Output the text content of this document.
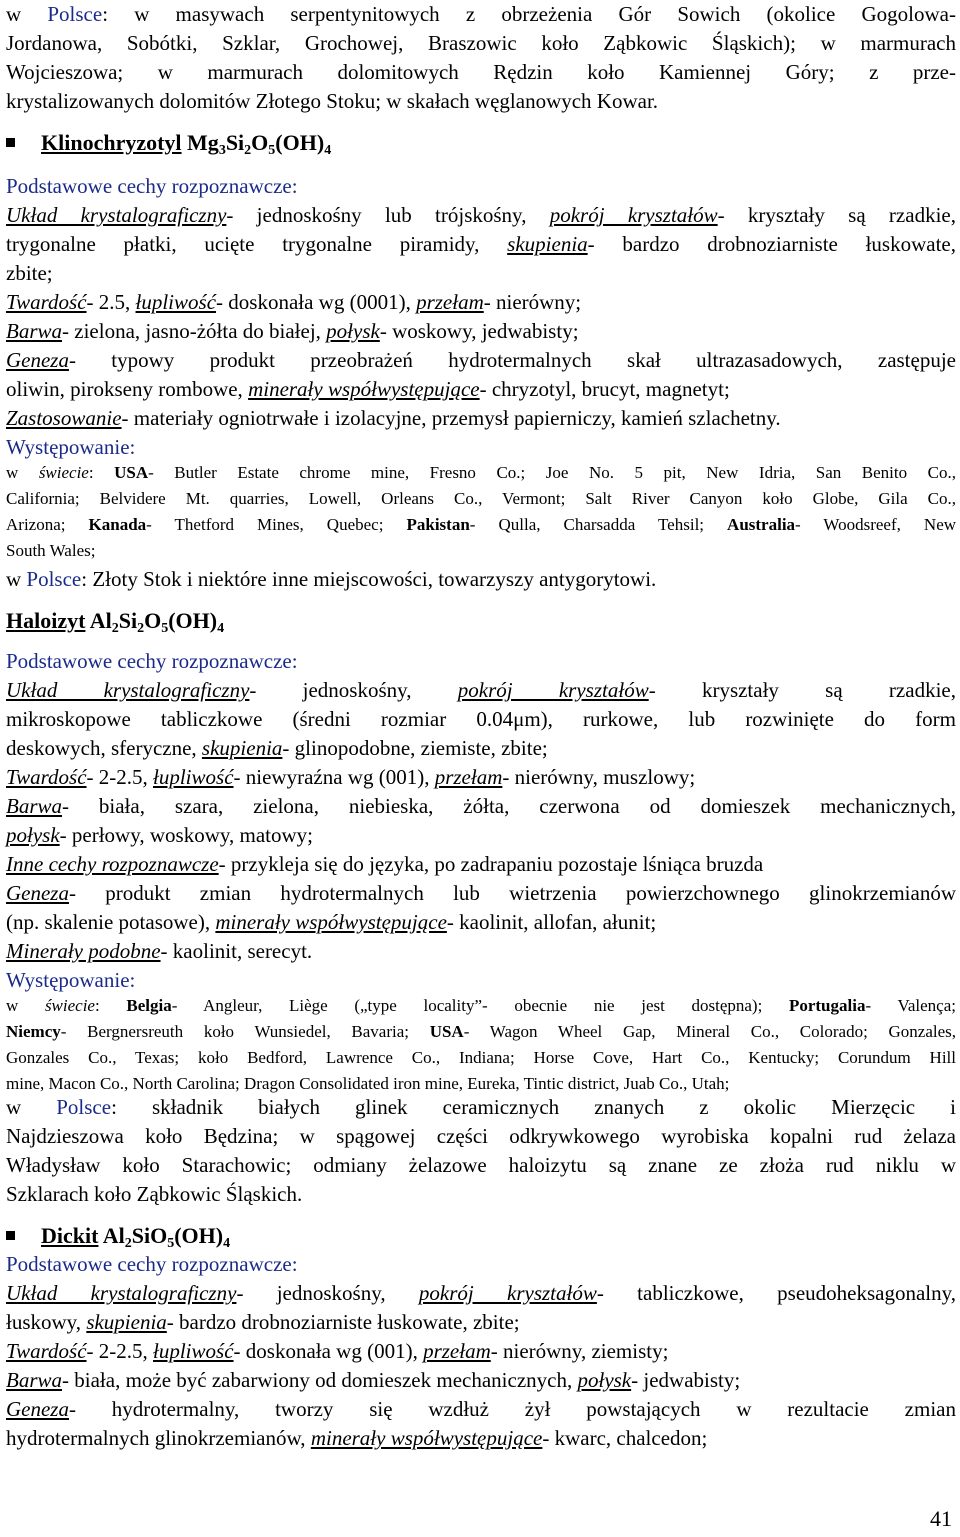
w Polsce: w masywach serpentynitowych z obrzeżenia Gór Sowich (okolice Gogolowa-
Jordanowa, Sobótki, Szklar, Grochowej, Braszowic koło Ząbkowic Śląskich); w marmurach
Wojcieszowa; w marmurach dolomitowych Rędzin koło Kamiennej Góry; z prze-
krystalizowanych dolomitów Złotego Stoku; w skałach węglanowych Kowar.
Klinochryzotyl $Mg_3Si_2O_5(OH)_4$
Podstawowe cechy rozpoznawcze:
Układ krystalograficzny- jednoskośny lub trójskośny, pokrój kryształów- kryształy są rzadkie,
trygonalne płatki, ucięte trygonalne piramidy, skupienia- bardzo drobnoziarniste łuskowate,
zbite;
Twardość- 2.5, łupliwość- doskonała wg (0001), przełam- nierówny;
Barwa- zielona, jasno-żółta do białej, połysk- woskowy, jedwabisty;
Geneza- typowy produkt przeobrażeń hydrotermalnych skał ultrazasadowych, zastępuje
oliwin, pirokseny rombowe, minerały współwystępujące- chryzotyl, brucyt, magnetyt;
Zastosowanie- materiały ogniotrwałe i izolacyjne, przemysł papierniczy, kamień szlachetny.
Występowanie:
w świecie: USA- Butler Estate chrome mine, Fresno Co.; Joe No. 5 pit, New Idria, San Benito Co.,
California; Belvidere Mt. quarries, Lowell, Orleans Co., Vermont; Salt River Canyon koło Globe, Gila Co.,
Arizona; Kanada- Thetford Mines, Quebec; Pakistan- Qulla, Charsadda Tehsil; Australia- Woodsreef, New
South Wales;
w Polsce: Złoty Stok i niektóre inne miejscowości, towarzyszy antygorytowi.
Haloizyt $Al_2Si_2O_5(OH)_4$
Podstawowe cechy rozpoznawcze:
Układ krystalograficzny- jednoskośny, pokrój kryształów- kryształy są rzadkie,
mikroskopowe tabliczkowe (średni rozmiar 0.04μm), rurkowe, lub rozwinięte do form
deskowych, sferyczne, skupienia- glinopodobne, ziemiste, zbite;
Twardość- 2-2.5, łupliwość- niewyraźna wg (001), przełam- nierówny, muszlowy;
Barwa- biała, szara, zielona, niebieska, żółta, czerwona od domieszek mechanicznych,
połysk- perłowy, woskowy, matowy;
Inne cechy rozpoznawcze- przykleja się do języka, po zadrapaniu pozostaje lśniąca bruzda
Geneza- produkt zmian hydrotermalnych lub wietrzenia powierzchownego glinokrzemianów
(np. skalenie potasowe), minerały współwystępujące- kaolinit, allofan, ałunit;
Minerały podobne- kaolinit, serecyt.
Występowanie:
w świecie: Belgia- Angleur, Liège („type locality”- obecnie nie jest dostępna); Portugalia- Valença;
Niemcy- Bergnersreuth koło Wunsiedel, Bavaria; USA- Wagon Wheel Gap, Mineral Co., Colorado; Gonzales,
Gonzales Co., Texas; koło Bedford, Lawrence Co., Indiana; Horse Cove, Hart Co., Kentucky; Corundum Hill
mine, Macon Co., North Carolina; Dragon Consolidated iron mine, Eureka, Tintic district, Juab Co., Utah;
w Polsce: składnik białych glinek ceramicznych znanych z okolic Mierzęcic i
Najdzieszowa koło Będzina; w spągowej części odkrywkowego wyrobiska kopalni rud żelaza
Władysław koło Starachowic; odmiany żelazowe haloizytu są znane ze złoża rud niklu w
Szklarach koło Ząbkowic Śląskich.
Dickit $Al_2SiO_5(OH)_4$
Podstawowe cechy rozpoznawcze:
Układ krystalograficzny- jednoskośny, pokrój kryształów- tabliczkowe, pseudoheksagonalny,
łuskowy, skupienia- bardzo drobnoziarniste łuskowate, zbite;
Twardość- 2-2.5, łupliwość- doskonała wg (001), przełam- nierówny, ziemisty;
Barwa- biała, może być zabarwiony od domieszek mechanicznych, połysk- jedwabisty;
Geneza- hydrotermalny, tworzy się wzdłuż żył powstających w rezultacie zmian
hydrotermalnych glinokrzemianów, minerały współwystępujące- kwarc, chalcedon;
41
